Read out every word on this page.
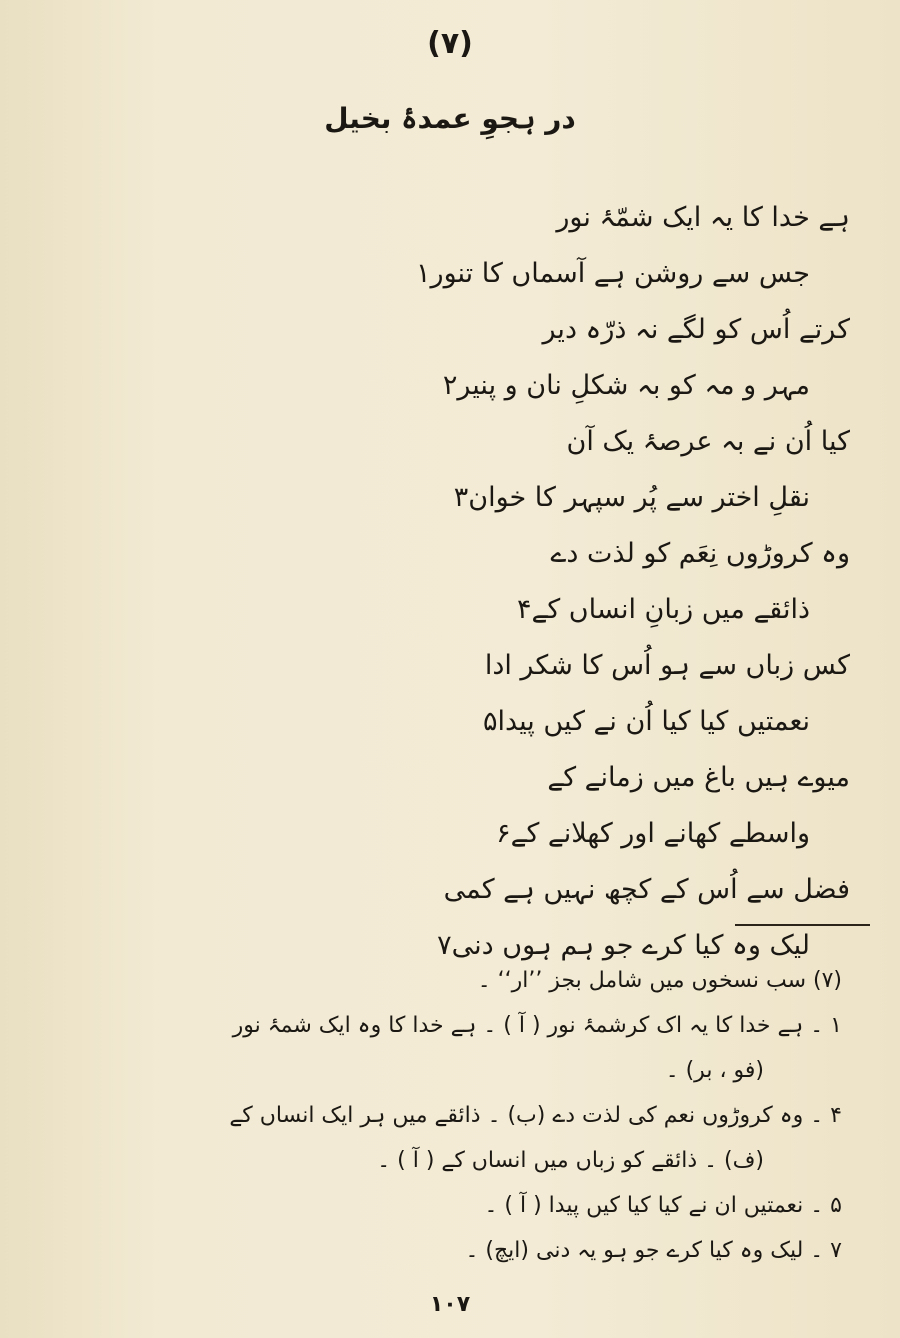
(۷)
در ہجوِ عمدۂ بخیل
ہے خدا کا یہ ایک شمّۂ نور
جس سے روشن ہے آسماں کا تنور۱
کرتے اُس کو لگے نہ ذرّہ دیر
مہر و مہ کو بہ شکلِ نان و پنیر۲
کیا اُن نے بہ عرصۂ یک آن
نقلِ اختر سے پُر سپہر کا خوان۳
وہ کروڑوں نِعَم کو لذت دے
ذائقے میں زبانِ انساں کے۴
کس زباں سے ہو اُس کا شکر ادا
نعمتیں کیا کیا اُن نے کیں پیدا۵
میوے ہیں باغ میں زمانے کے
واسطے کھانے اور کھلانے کے۶
فضل سے اُس کے کچھ نہیں ہے کمی
لیک وہ کیا کرے جو ہم ہوں دنی۷
(۷) سب نسخوں میں شامل بجز ’’ار‘‘ ۔
۱ ۔ ہے خدا کا یہ اک کرشمۂ نور ( آ ) ۔ ہے خدا کا وہ ایک شمۂ نور
(فو ، بر) ۔
۴ ۔ وہ کروڑوں نعم کی لذت دے (ب) ۔ ذائقے میں ہر ایک انساں کے
(ف) ۔ ذائقے کو زباں میں انساں کے ( آ ) ۔
۵ ۔ نعمتیں ان نے کیا کیا کیں پیدا ( آ ) ۔
۷ ۔ لیک وہ کیا کرے جو ہو یہ دنی (ایچ) ۔
۱۰۷
